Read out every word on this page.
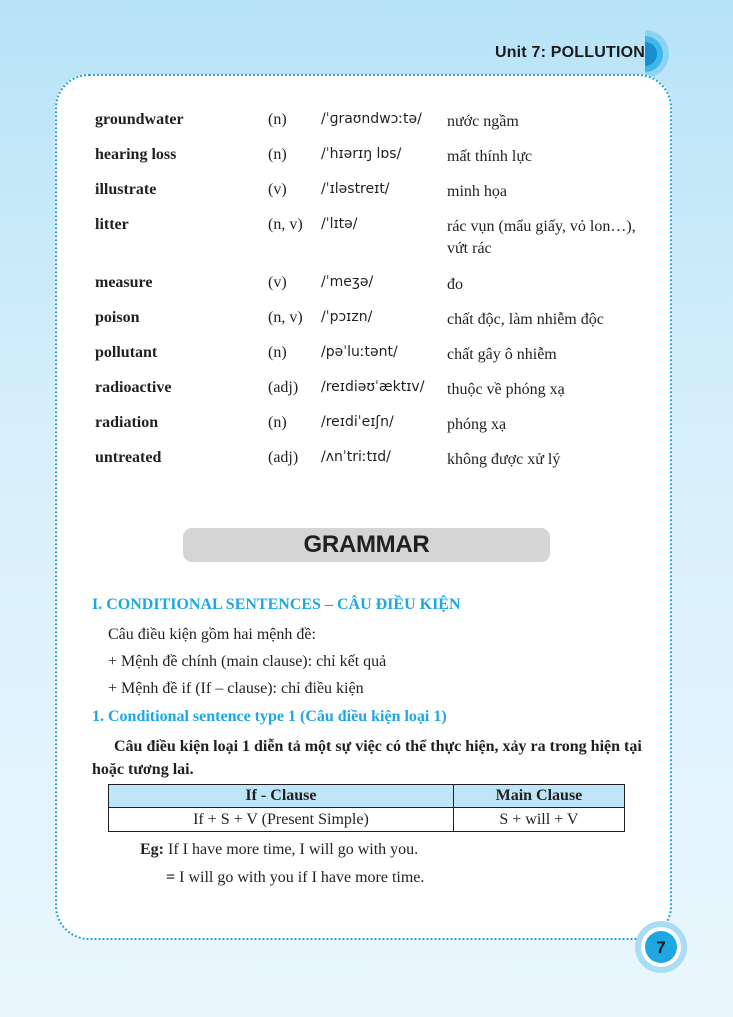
Unit 7: POLLUTION
groundwater	(n) /ˈɡraʊndwɔːtə/ nước ngầm
hearing loss	(n) /ˈhɪərɪŋ lɒs/	mất thính lực
illustrate	(v) /ˈɪləstreɪt/	minh họa
litter	(n, v) /ˈlɪtə/	rác vụn (mẩu giấy, vỏ lon…), vứt rác
measure	(v) /ˈmeʒə/	đo
poison	(n, v) /ˈpɔɪzn/	chất độc, làm nhiễm độc
pollutant	(n) /pəˈluːtənt/	chất gây ô nhiễm
radioactive	(adj) /reɪdiəʊˈæktɪv/ thuộc về phóng xạ
radiation	(n) /reɪdiˈeɪʃn/	phóng xạ
untreated	(adj) /ʌnˈtriːtɪd/	không được xử lý
GRAMMAR
I. CONDITIONAL SENTENCES – CÂU ĐIỀU KIỆN
Câu điều kiện gồm hai mệnh đề:
+ Mệnh đề chính (main clause): chỉ kết quả
+ Mệnh đề if (If – clause): chỉ điều kiện
1. Conditional sentence type 1 (Câu điều kiện loại 1)
Câu điều kiện loại 1 diễn tả một sự việc có thể thực hiện, xảy ra trong hiện tại hoặc tương lai.
If - Clause	Main Clause
If + S + V (Present Simple)	S + will + V
Eg: If I have more time, I will go with you.
= I will go with you if I have more time.
7
